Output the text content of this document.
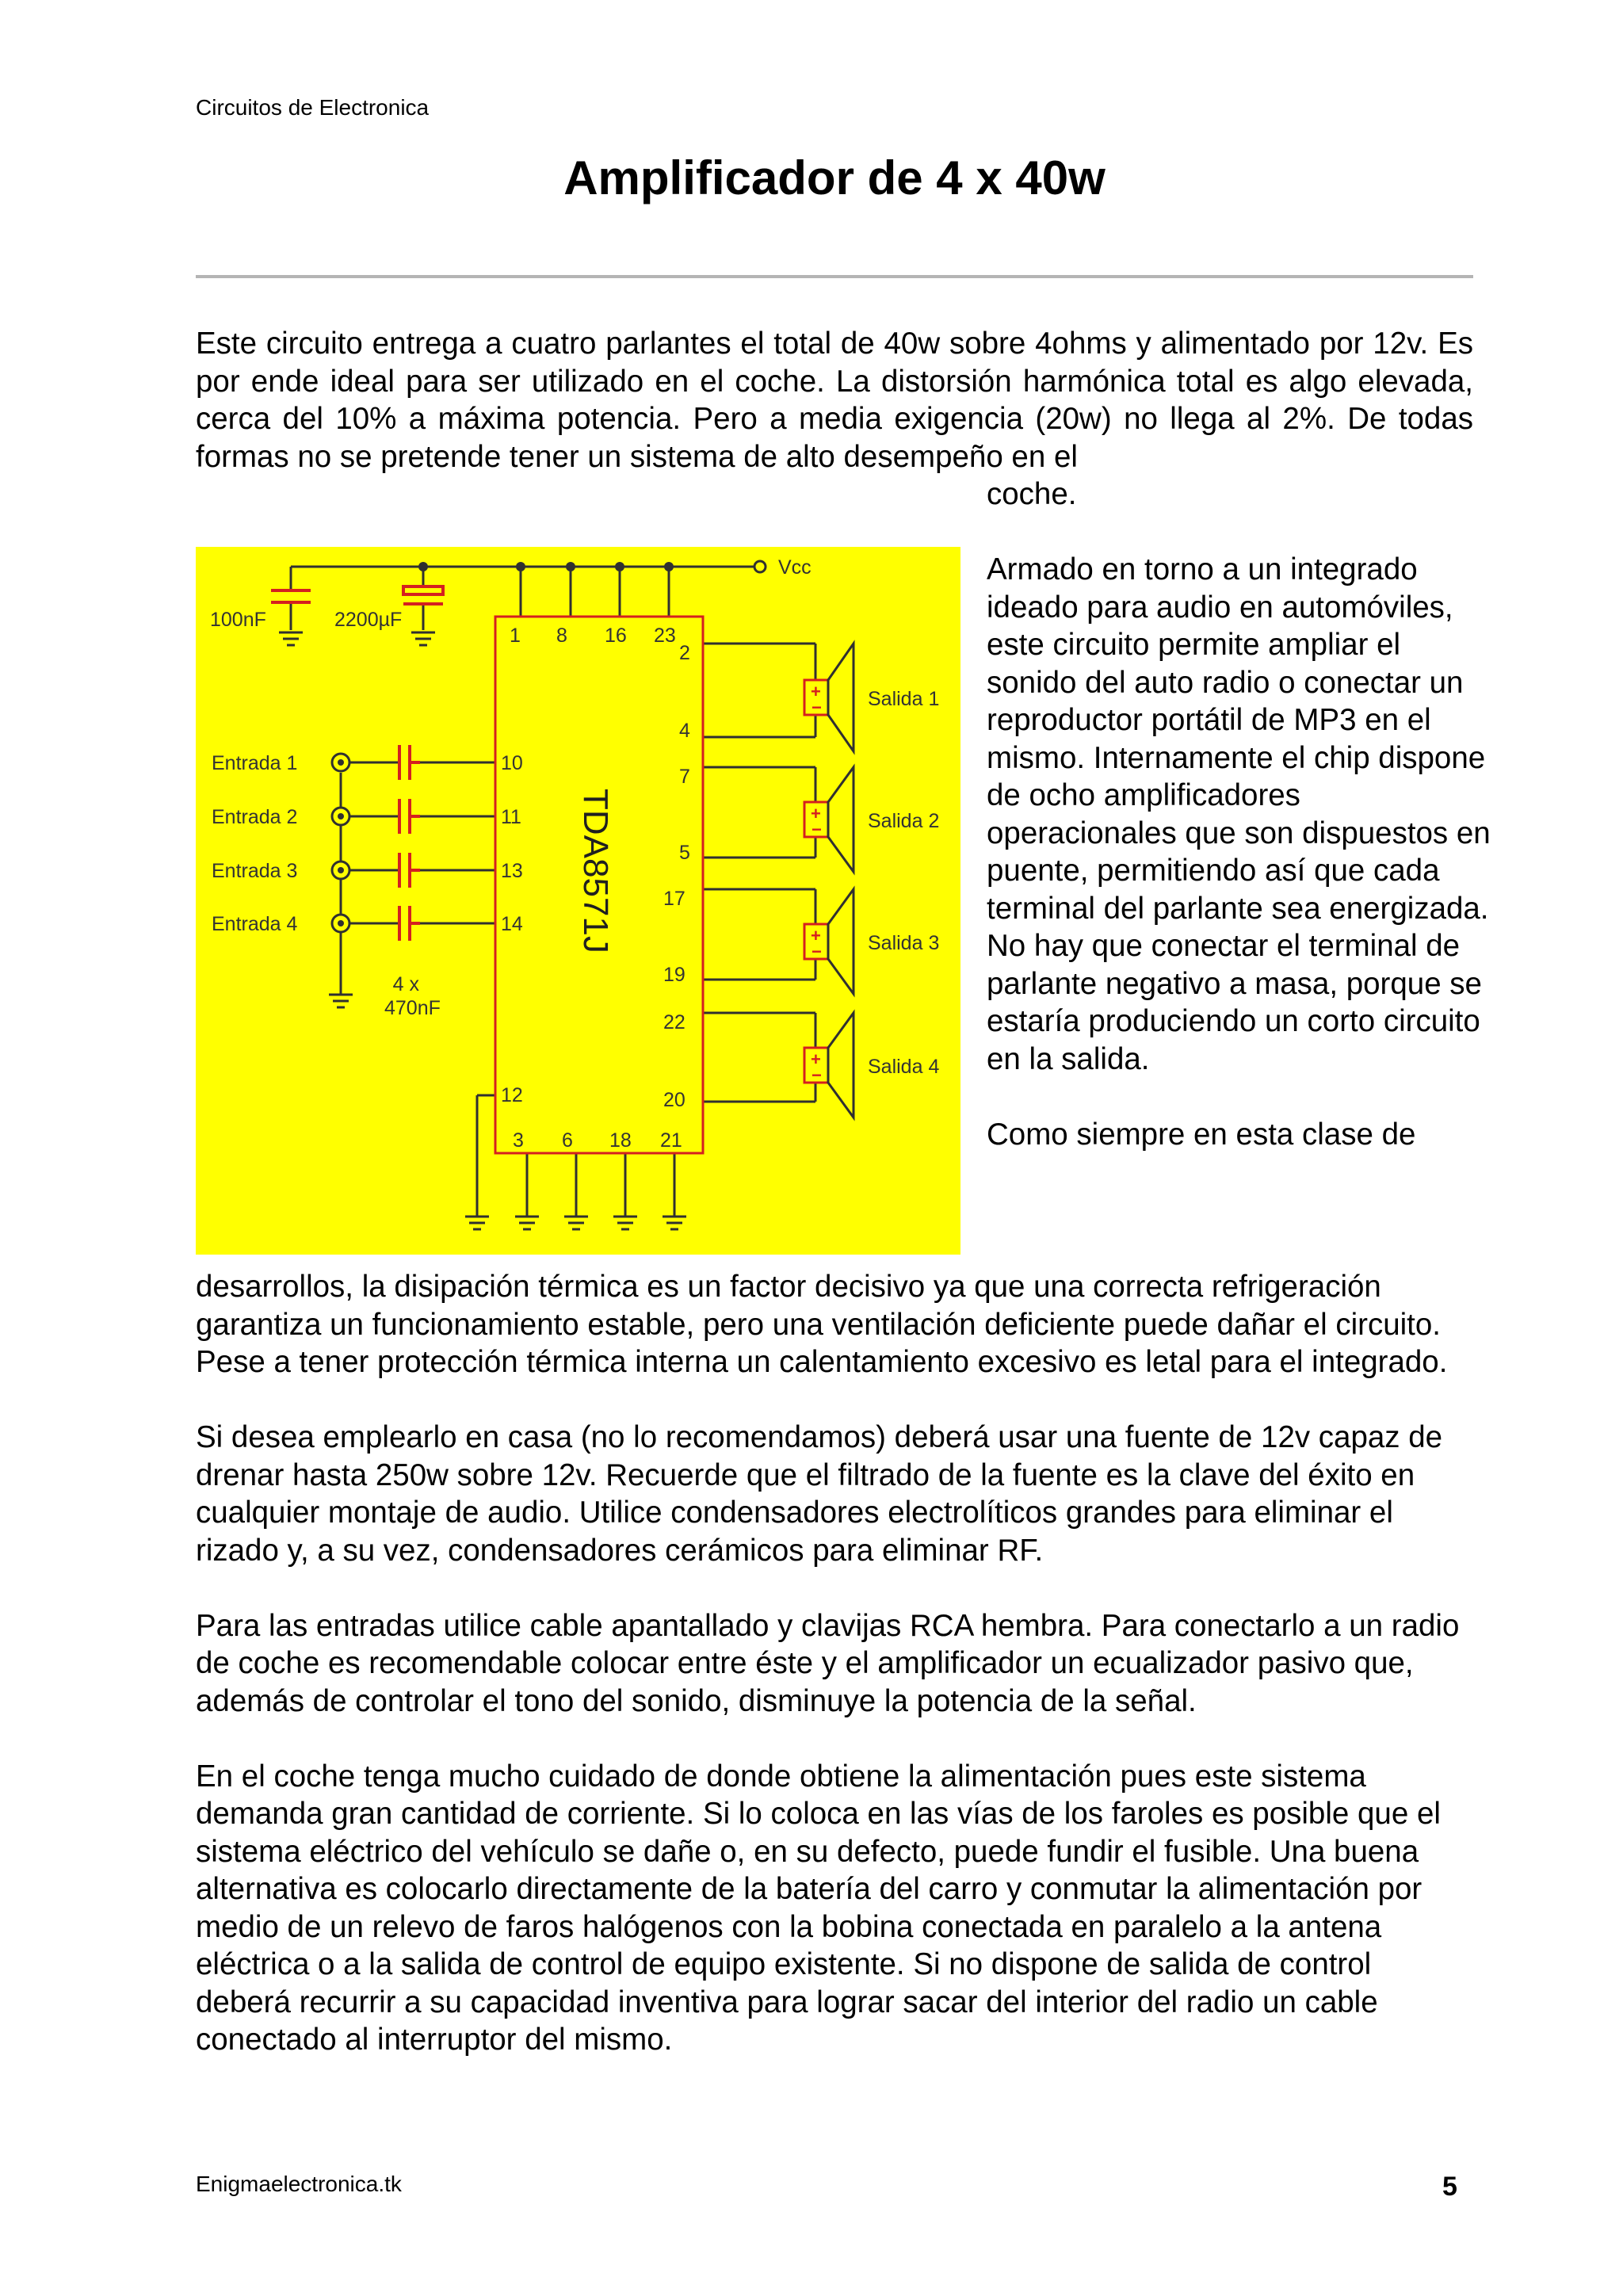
Circuitos de Electronica
Amplificador de 4 x 40w

Este circuito entrega a cuatro parlantes el total de 40w sobre 4ohms y alimentado por 12v. Es por ende ideal para ser utilizado en el coche. La distorsión harmónica total es algo elevada, cerca del 10% a máxima potencia. Pero a media exigencia (20w) no llega al 2%. De todas formas no se pretende tener un sistema de alto desempeño en el

coche.

Vcc
100nF	2200µF
4 x
470nF
Entrada 1
Entrada 2
Entrada 3
Entrada 4
Salida 1
Salida 2
Salida 3
Salida 4
1 8 16 23
3 6 18 21
2
4
7
5
17
19
22
20
10
11
13
14
12
+
−
+
−
+
−
+
−
TDA8571J

Armado en torno a un integrado ideado para audio en automóviles, este circuito permite ampliar el sonido del auto radio o conectar un reproductor portátil de MP3 en el mismo. Internamente el chip dispone de ocho amplificadores operacionales que son dispuestos en puente, permitiendo así que cada terminal del parlante sea energizada. No hay que conectar el terminal de parlante negativo a masa, porque se estaría produciendo un corto circuito en la salida.

Como siempre en esta clase de

desarrollos, la disipación térmica es un factor decisivo ya que una correcta refrigeración garantiza un funcionamiento estable, pero una ventilación deficiente puede dañar el circuito. Pese a tener protección térmica interna un calentamiento excesivo es letal para el integrado.

Si desea emplearlo en casa (no lo recomendamos) deberá usar una fuente de 12v capaz de drenar hasta 250w sobre 12v. Recuerde que el filtrado de la fuente es la clave del éxito en cualquier montaje de audio. Utilice condensadores electrolíticos grandes para eliminar el rizado y, a su vez, condensadores cerámicos para eliminar RF.

Para las entradas utilice cable apantallado y clavijas RCA hembra. Para conectarlo a un radio de coche es recomendable colocar entre éste y el amplificador un ecualizador pasivo que, además de controlar el tono del sonido, disminuye la potencia de la señal.

En el coche tenga mucho cuidado de donde obtiene la alimentación pues este sistema demanda gran cantidad de corriente. Si lo coloca en las vías de los faroles es posible que el sistema eléctrico del vehículo se dañe o, en su defecto, puede fundir el fusible. Una buena alternativa es colocarlo directamente de la batería del carro y conmutar la alimentación por medio de un relevo de faros halógenos con la bobina conectada en paralelo a la antena eléctrica o a la salida de control de equipo existente. Si no dispone de salida de control deberá recurrir a su capacidad inventiva para lograr sacar del interior del radio un cable conectado al interruptor del mismo.

Enigmaelectronica.tk	5
